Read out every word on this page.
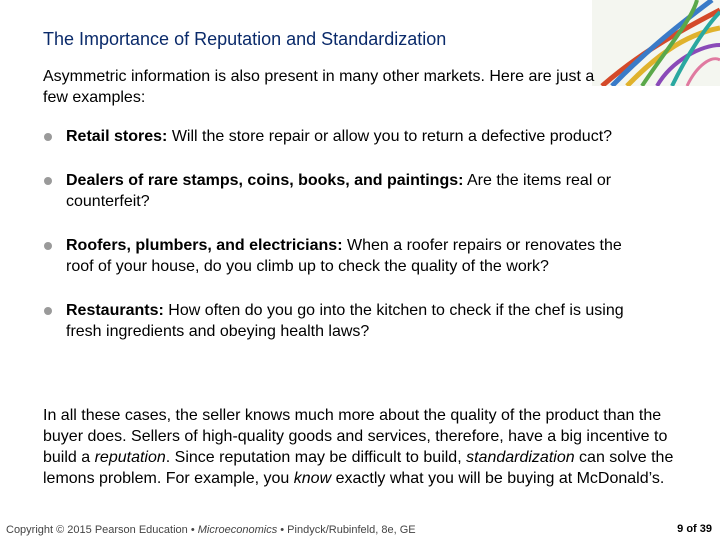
The Importance of Reputation and Standardization

Asymmetric information is also present in many other markets. Here are just a few examples:

Retail stores: Will the store repair or allow you to return a defective product?
Dealers of rare stamps, coins, books, and paintings: Are the items real or counterfeit?
Roofers, plumbers, and electricians: When a roofer repairs or renovates the roof of your house, do you climb up to check the quality of the work?
Restaurants: How often do you go into the kitchen to check if the chef is using fresh ingredients and obeying health laws?

In all these cases, the seller knows much more about the quality of the product than the buyer does. Sellers of high-quality goods and services, therefore, have a big incentive to build a reputation. Since reputation may be difficult to build, standardization can solve the lemons problem. For example, you know exactly what you will be buying at McDonald’s.

Copyright © 2015 Pearson Education • Microeconomics • Pindyck/Rubinfeld, 8e, GE	9 of 39
